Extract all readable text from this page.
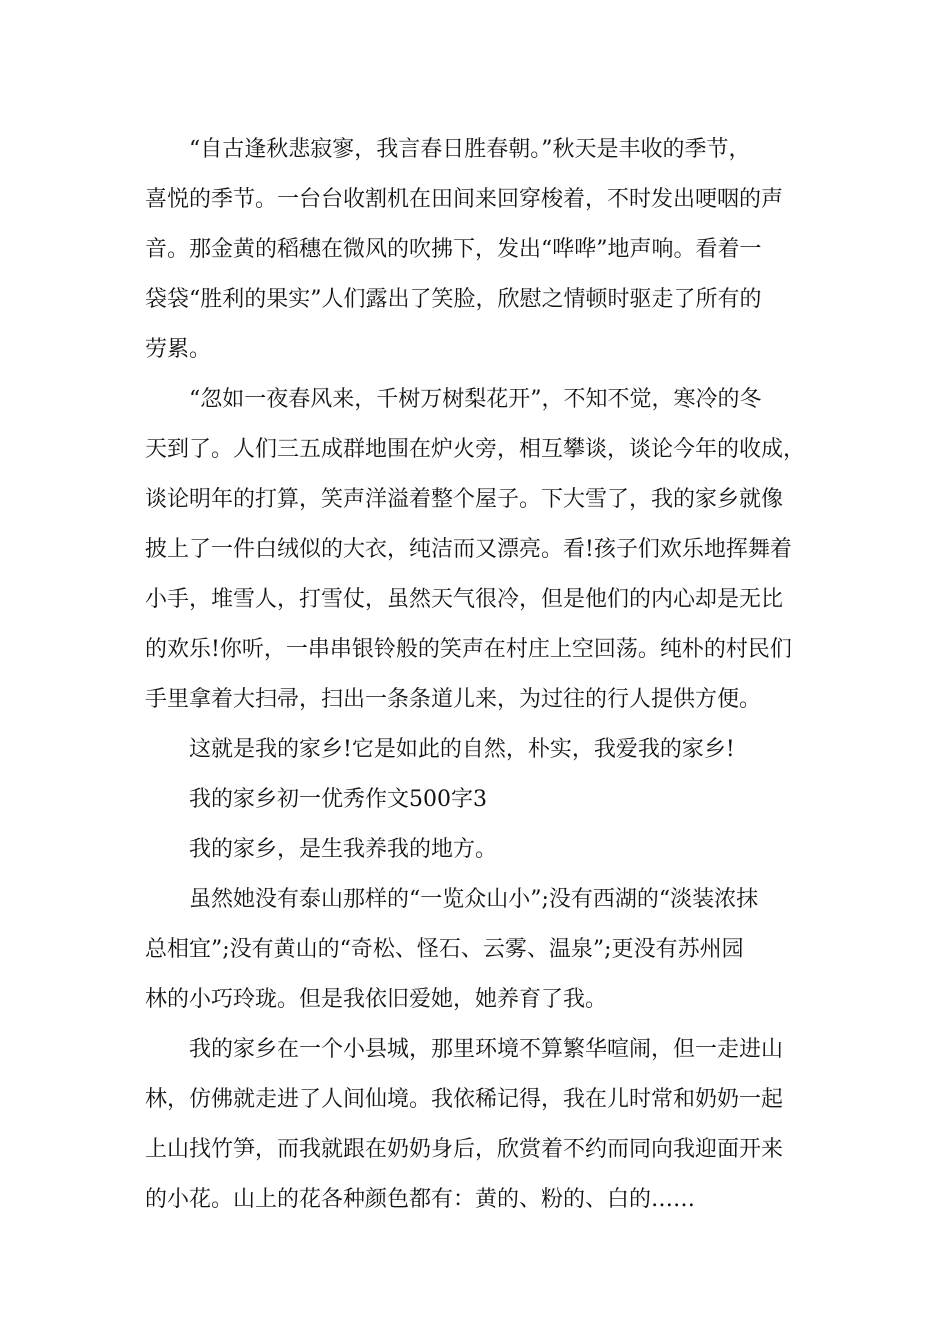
　　“自古逢秋悲寂寥，我言春日胜春朝。”秋天是丰收的季节，
喜悦的季节。一台台收割机在田间来回穿梭着，不时发出哽咽的声
音。那金黄的稻穗在微风的吹拂下，发出“哗哗”地声响。看着一
袋袋“胜利的果实”人们露出了笑脸，欣慰之情顿时驱走了所有的
劳累。
　　“忽如一夜春风来，千树万树梨花开”，不知不觉，寒冷的冬
天到了。人们三五成群地围在炉火旁，相互攀谈，谈论今年的收成，
谈论明年的打算，笑声洋溢着整个屋子。下大雪了，我的家乡就像
披上了一件白绒似的大衣，纯洁而又漂亮。看!孩子们欢乐地挥舞着
小手，堆雪人，打雪仗，虽然天气很冷，但是他们的内心却是无比
的欢乐!你听，一串串银铃般的笑声在村庄上空回荡。纯朴的村民们
手里拿着大扫帚，扫出一条条道儿来，为过往的行人提供方便。
　　这就是我的家乡!它是如此的自然，朴实，我爱我的家乡!
　　我的家乡初一优秀作文500字3
　　我的家乡，是生我养我的地方。
　　虽然她没有泰山那样的“一览众山小”;没有西湖的“淡装浓抹
总相宜”;没有黄山的“奇松、怪石、云雾、温泉”;更没有苏州园
林的小巧玲珑。但是我依旧爱她，她养育了我。
　　我的家乡在一个小县城，那里环境不算繁华喧闹，但一走进山
林，仿佛就走进了人间仙境。我依稀记得，我在儿时常和奶奶一起
上山找竹笋，而我就跟在奶奶身后，欣赏着不约而同向我迎面开来
的小花。山上的花各种颜色都有：黄的、粉的、白的……
